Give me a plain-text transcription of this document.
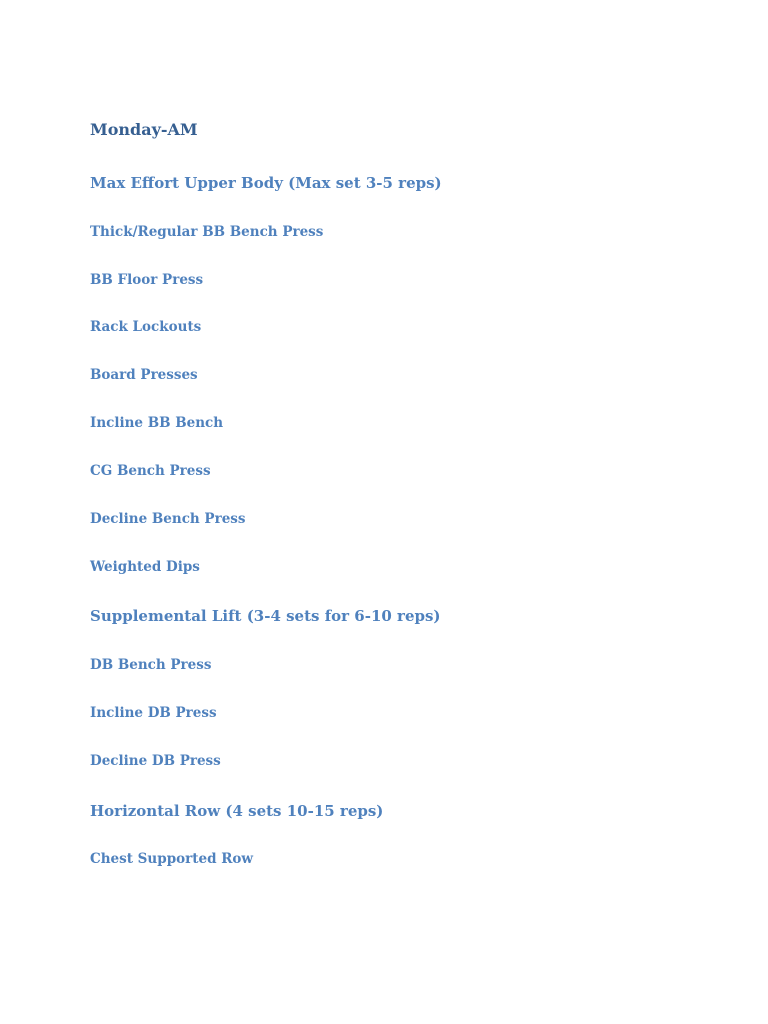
Monday-AM
Max Effort Upper Body (Max set 3-5 reps)
Thick/Regular BB Bench Press
BB Floor Press
Rack Lockouts
Board Presses
Incline BB Bench
CG Bench Press
Decline Bench Press
Weighted Dips
Supplemental Lift (3-4 sets for 6-10 reps)
DB Bench Press
Incline DB Press
Decline DB Press
Horizontal Row (4 sets 10-15 reps)
Chest Supported Row
